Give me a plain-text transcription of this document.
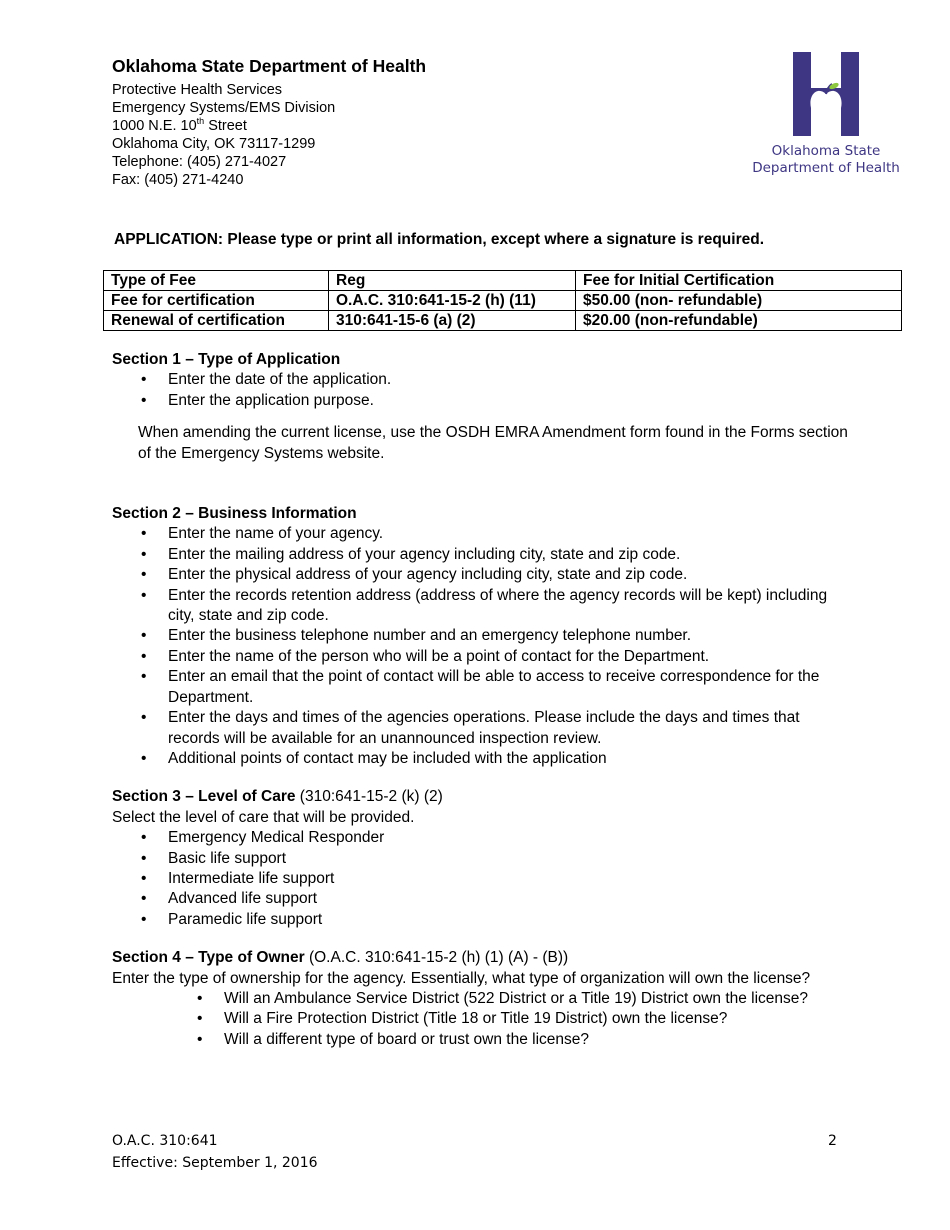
Oklahoma State Department of Health
Protective Health Services
Emergency Systems/EMS Division
1000 N.E. 10th Street
Oklahoma City, OK 73117-1299
Telephone: (405) 271-4027
Fax: (405) 271-4240
Oklahoma State
Department of Health
APPLICATION: Please type or print all information, except where a signature is required.
Type of Fee	Reg	Fee for Initial Certification
Fee for certification	O.A.C. 310:641-15-2 (h) (11)	$50.00 (non- refundable)
Renewal of certification	310:641-15-6 (a) (2)	$20.00 (non-refundable)
Section 1 – Type of Application
• Enter the date of the application.
• Enter the application purpose.
When amending the current license, use the OSDH EMRA Amendment form found in the Forms section of the Emergency Systems website.
Section 2 – Business Information
• Enter the name of your agency.
• Enter the mailing address of your agency including city, state and zip code.
• Enter the physical address of your agency including city, state and zip code.
• Enter the records retention address (address of where the agency records will be kept) including city, state and zip code.
• Enter the business telephone number and an emergency telephone number.
• Enter the name of the person who will be a point of contact for the Department.
• Enter an email that the point of contact will be able to access to receive correspondence for the Department.
• Enter the days and times of the agencies operations. Please include the days and times that records will be available for an unannounced inspection review.
• Additional points of contact may be included with the application
Section 3 – Level of Care (310:641-15-2 (k) (2)
Select the level of care that will be provided.
• Emergency Medical Responder
• Basic life support
• Intermediate life support
• Advanced life support
• Paramedic life support
Section 4 – Type of Owner (O.A.C. 310:641-15-2 (h) (1) (A) - (B))
Enter the type of ownership for the agency. Essentially, what type of organization will own the license?
• Will an Ambulance Service District (522 District or a Title 19) District own the license?
• Will a Fire Protection District (Title 18 or Title 19 District) own the license?
• Will a different type of board or trust own the license?
O.A.C. 310:641
Effective: September 1, 2016
2
